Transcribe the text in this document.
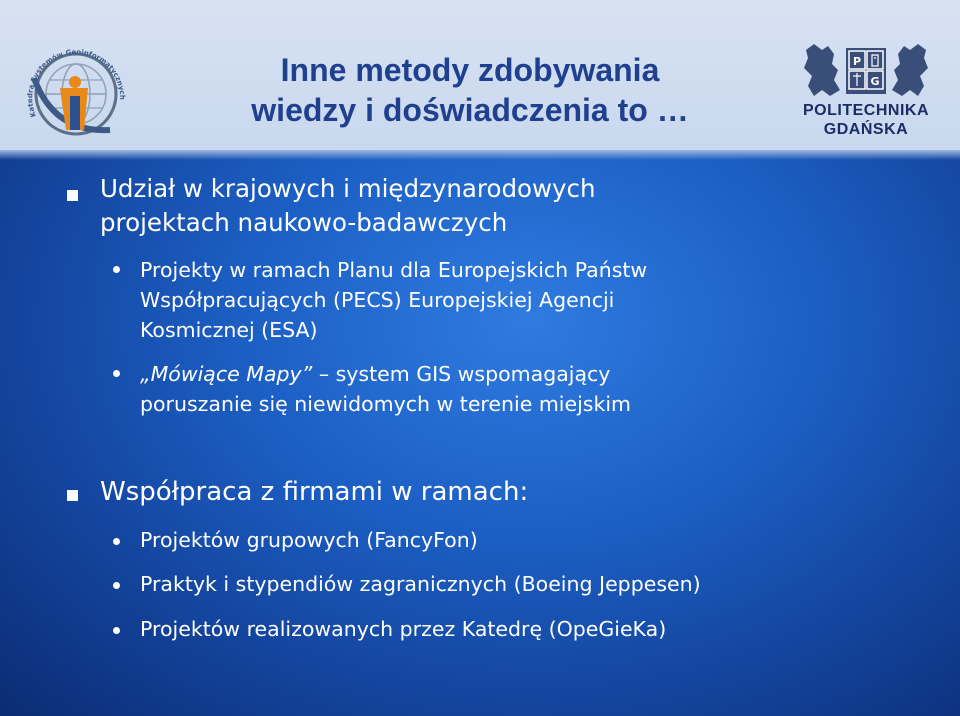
Katedra Systemów Geoinformatycznych
P
G
POLITECHNIKA
GDAŃSKA
Inne metody zdobywania
wiedzy i doświadczenia to …
Udział w krajowych i międzynarodowych
projektach naukowo-badawczych
Projekty w ramach Planu dla Europejskich Państw
Współpracujących (PECS) Europejskiej Agencji
Kosmicznej (ESA)
„Mówiące Mapy” – system GIS wspomagający
poruszanie się niewidomych w terenie miejskim
Współpraca z firmami w ramach:
Projektów grupowych (FancyFon)
Praktyk i stypendiów zagranicznych (Boeing Jeppesen)
Projektów realizowanych przez Katedrę (OpeGieKa)
